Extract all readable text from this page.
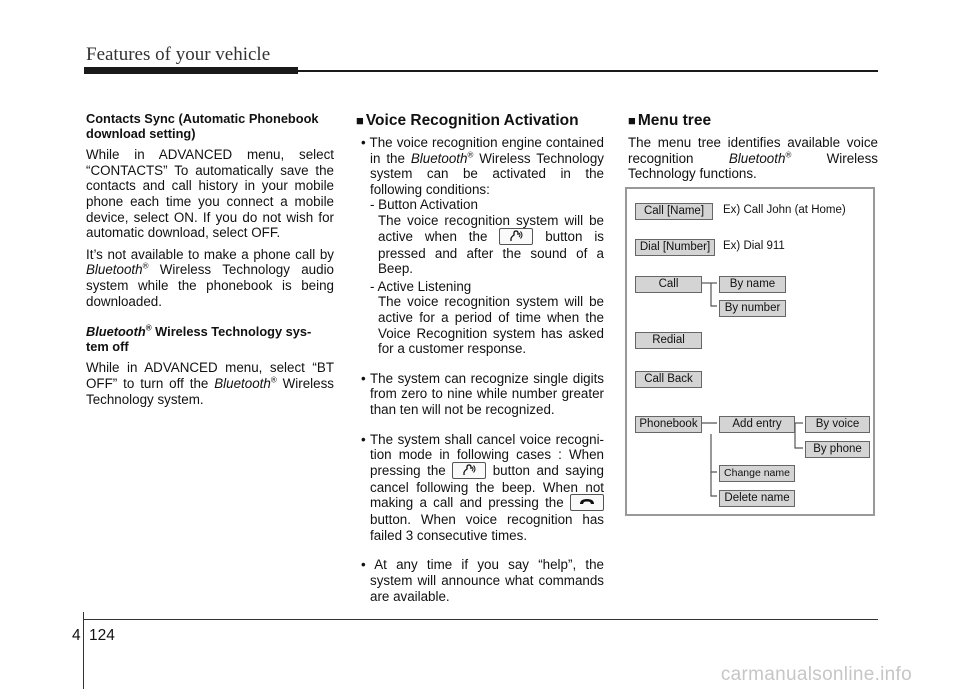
Features of your vehicle
Contacts Sync (Automatic Phonebook download setting)

While in ADVANCED menu, select “CONTACTS” To automatically save the contacts and call history in your mobile phone each time you connect a mobile device, select ON. If you do not wish for automatic download, select OFF.

It’s not available to make a phone call by Bluetooth® Wireless Technology audio system while the phonebook is being downloaded.

Bluetooth® Wireless Technology sys-tem off

While in ADVANCED menu, select “BT OFF” to turn off the Bluetooth® Wireless Technology system.

■ Voice Recognition Activation

• The voice recognition engine contained in the Bluetooth® Wireless Technology system can be activated in the following conditions:

- Button Activation

The voice recognition system will be active when the	button is pressed and after the sound of a Beep.

- Active Listening

The voice recognition system will be active for a period of time when the Voice Recognition system has asked for a customer response.

• The system can recognize single digits from zero to nine while number greater than ten will not be recognized.

• The system shall cancel voice recogni-tion mode in following cases : When pressing the	button and saying cancel following the beep. When not making a call and pressing the
button. When voice recognition has failed 3 consecutive times.

• At any time if you say “help”, the system will announce what commands are available.

■ Menu tree

The menu tree identifies available voice recognition Bluetooth® Wireless Technology functions.

Call [Name]	Ex) Call John (at Home)
Dial [Number]	Ex) Dial 911
Call	By name
By number
Redial
Call Back
Phonebook	Add entry	By voice
By phone
Change name
Delete name
4 124
carmanualsonline.info
